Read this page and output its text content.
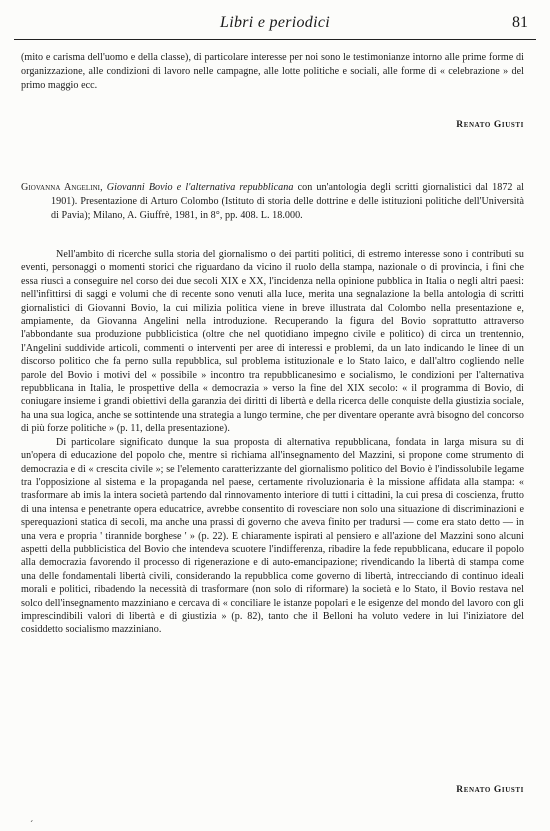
Libri e periodici	81

(mito e carisma dell'uomo e della classe), di particolare interesse per noi sono le testimonianze intorno alle prime forme di organizzazione, alle condizioni di lavoro nelle campagne, alle lotte politiche e sociali, alle forme di « celebrazione » del primo maggio ecc.

Renato Giusti

Giovanna Angelini, Giovanni Bovio e l'alternativa repubblicana con un'antologia degli scritti giornalistici dal 1872 al 1901). Presentazione di Arturo Colombo (Istituto di storia delle dottrine e delle istituzioni politiche dell'Università di Pavia); Milano, A. Giuffrè, 1981, in 8°, pp. 408. L. 18.000.

Nell'ambito di ricerche sulla storia del giornalismo o dei partiti politici, di estremo interesse sono i contributi su eventi, personaggi o momenti storici che riguardano da vicino il ruolo della stampa, nazionale o di provincia, i fini che essa riuscì a conseguire nel corso dei due secoli XIX e XX, l'incidenza nella opinione pubblica in Italia o negli altri paesi: nell'infittirsi di saggi e volumi che di recente sono venuti alla luce, merita una segnalazione la bella antologia di scritti giornalistici di Giovanni Bovio, la cui milizia politica viene in breve illustrata dal Colombo nella presentazione e, ampiamente, da Giovanna Angelini nella introduzione. Recuperando la figura del Bovio soprattutto attraverso l'abbondante sua produzione pubblicistica (oltre che nel quotidiano impegno civile e politico) di circa un trentennio, l'Angelini suddivide articoli, commenti o interventi per aree di interessi e problemi, da un lato indicando le linee di un discorso politico che fa perno sulla repubblica, sul problema istituzionale e lo Stato laico, e dall'altro cogliendo nelle parole del Bovio i motivi del « possibile » incontro tra repubblicanesimo e socialismo, le condizioni per l'alternativa repubblicana in Italia, le prospettive della « democrazia » verso la fine del XIX secolo: « il programma di Bovio, di coniugare insieme i grandi obiettivi della garanzia dei diritti di libertà e della ricerca delle conquiste della giustizia sociale, ha una sua logica, anche se sottintende una strategia a lungo termine, che per diventare operante avrà bisogno del concorso di più forze politiche » (p. 11, della presentazione).

Di particolare significato dunque la sua proposta di alternativa repubblicana, fondata in larga misura su di un'opera di educazione del popolo che, mentre si richiama all'insegnamento del Mazzini, si propone come strumento di democrazia e di « crescita civile »; se l'elemento caratterizzante del giornalismo politico del Bovio è l'indissolubile legame tra l'opposizione al sistema e la propaganda nel paese, certamente rivoluzionaria è la missione affidata alla stampa: « trasformare ab imis la intera società partendo dal rinnovamento interiore di tutti i cittadini, la cui presa di coscienza, frutto di una intensa e penetrante opera educatrice, avrebbe consentito di rovesciare non solo una situazione di discriminazioni e sperequazioni statica di secoli, ma anche una prassi di governo che aveva finito per tradursi — come era stato detto — in una vera e propria ' tirannide borghese ' » (p. 22). E chiaramente ispirati al pensiero e all'azione del Mazzini sono alcuni aspetti della pubblicistica del Bovio che intendeva scuotere l'indifferenza, ribadire la fede repubblicana, educare il popolo alla democrazia favorendo il processo di rigenerazione e di auto-emancipazione; rivendicando la libertà di stampa come una delle fondamentali libertà civili, considerando la repubblica come governo di libertà, intrecciando di continuo ideali morali e politici, ribadendo la necessità di trasformare (non solo di riformare) la società e lo Stato, il Bovio restava nel solco dell'insegnamento mazziniano e cercava di « conciliare le istanze popolari e le esigenze del mondo del lavoro con gli imprescindibili valori di libertà e di giustizia » (p. 82), tanto che il Belloni ha voluto vedere in lui l'iniziatore del cosiddetto socialismo mazziniano.

Renato Giusti
´
